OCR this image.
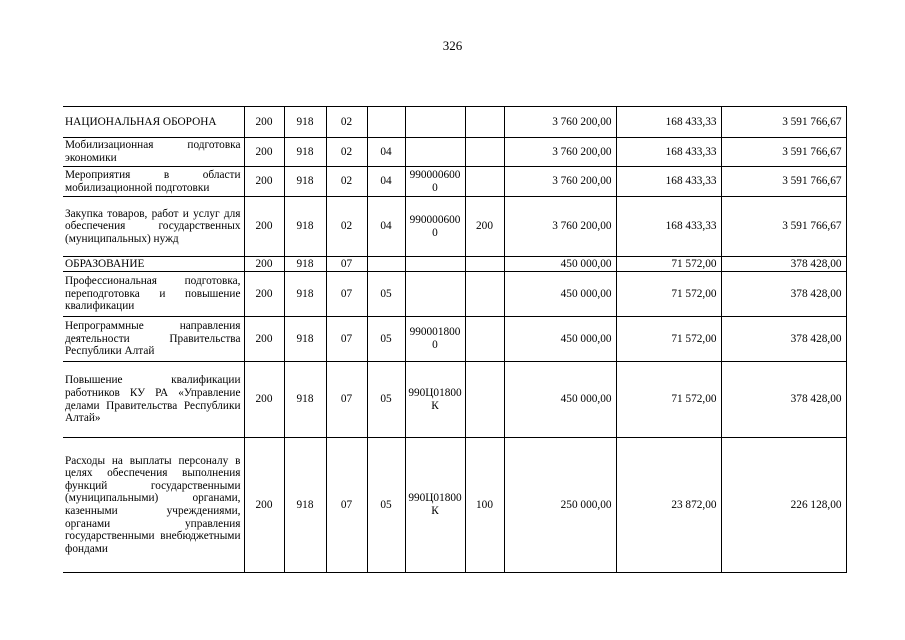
326
НАЦИОНАЛЬНАЯ ОБОРОНА	200	918	02				3 760 200,00	168 433,33	3 591 766,67
Мобилизационная подготовка экономики	200	918	02	04			3 760 200,00	168 433,33	3 591 766,67
Мероприятия в области мобилизационной подготовки	200	918	02	04	9900006000		3 760 200,00	168 433,33	3 591 766,67
Закупка товаров, работ и услуг для обеспечения государственных (муниципальных) нужд	200	918	02	04	9900006000	200	3 760 200,00	168 433,33	3 591 766,67
ОБРАЗОВАНИЕ	200	918	07				450 000,00	71 572,00	378 428,00
Профессиональная подготовка, переподготовка и повышение квалификации	200	918	07	05			450 000,00	71 572,00	378 428,00
Непрограммные направления деятельности Правительства Республики Алтай	200	918	07	05	9900018000		450 000,00	71 572,00	378 428,00
Повышение квалификации работников КУ РА «Управление делами Правительства Республики Алтай»	200	918	07	05	990Ц01800К		450 000,00	71 572,00	378 428,00
Расходы на выплаты персоналу в целях обеспечения выполнения функций государственными (муниципальными) органами, казенными учреждениями, органами управления государственными внебюджетными фондами	200	918	07	05	990Ц01800К	100	250 000,00	23 872,00	226 128,00
